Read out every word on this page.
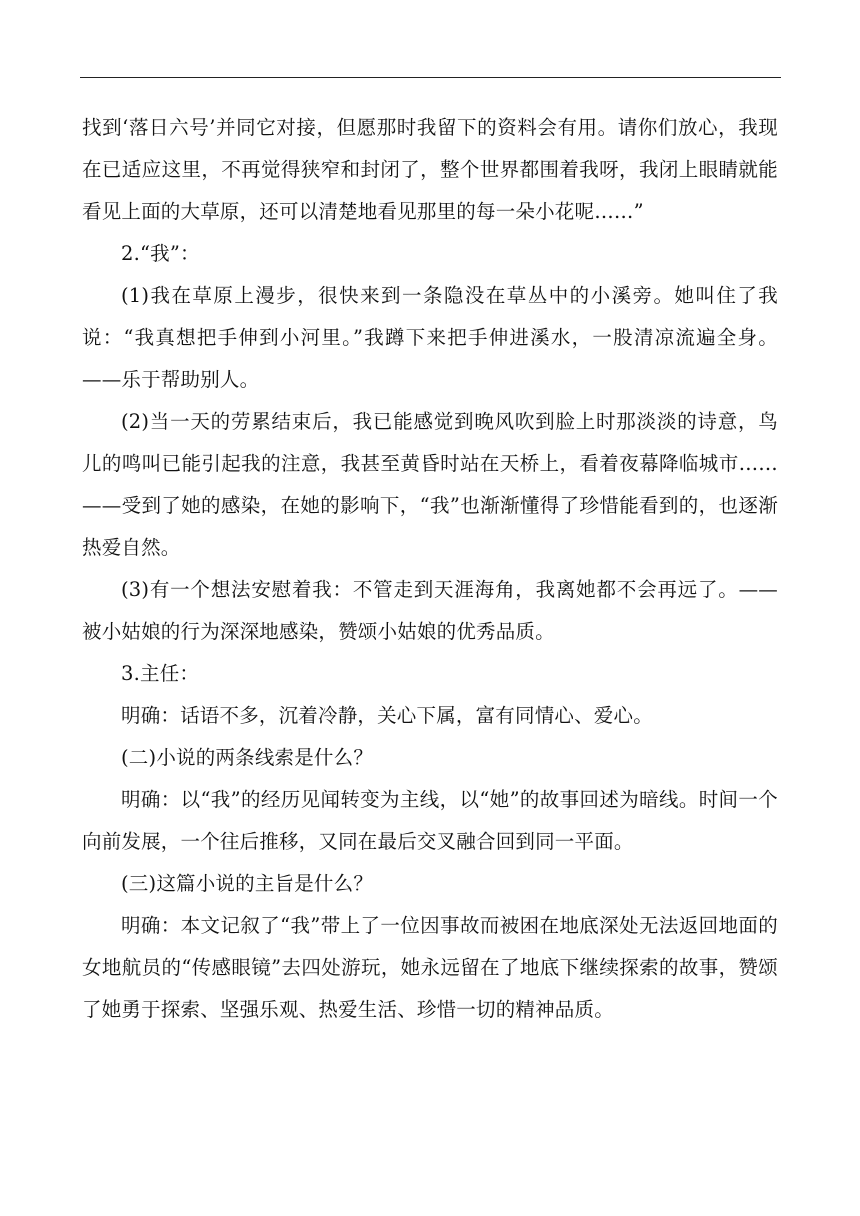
找到‘落日六号’并同它对接，但愿那时我留下的资料会有用。请你们放心，我现在已适应这里，不再觉得狭窄和封闭了，整个世界都围着我呀，我闭上眼睛就能看见上面的大草原，还可以清楚地看见那里的每一朵小花呢……”

2.“我”：

(1)我在草原上漫步，很快来到一条隐没在草丛中的小溪旁。她叫住了我说：“我真想把手伸到小河里。”我蹲下来把手伸进溪水，一股清凉流遍全身。——乐于帮助别人。

(2)当一天的劳累结束后，我已能感觉到晚风吹到脸上时那淡淡的诗意，鸟儿的鸣叫已能引起我的注意，我甚至黄昏时站在天桥上，看着夜幕降临城市…… ——受到了她的感染，在她的影响下，“我”也渐渐懂得了珍惜能看到的，也逐渐热爱自然。

(3)有一个想法安慰着我：不管走到天涯海角，我离她都不会再远了。——被小姑娘的行为深深地感染，赞颂小姑娘的优秀品质。

3.主任：

明确：话语不多，沉着冷静，关心下属，富有同情心、爱心。

(二)小说的两条线索是什么？

明确：以“我”的经历见闻转变为主线，以“她”的故事回述为暗线。时间一个向前发展，一个往后推移，又同在最后交叉融合回到同一平面。

(三)这篇小说的主旨是什么？

明确：本文记叙了“我”带上了一位因事故而被困在地底深处无法返回地面的女地航员的“传感眼镜”去四处游玩，她永远留在了地底下继续探索的故事，赞颂了她勇于探索、坚强乐观、热爱生活、珍惜一切的精神品质。
